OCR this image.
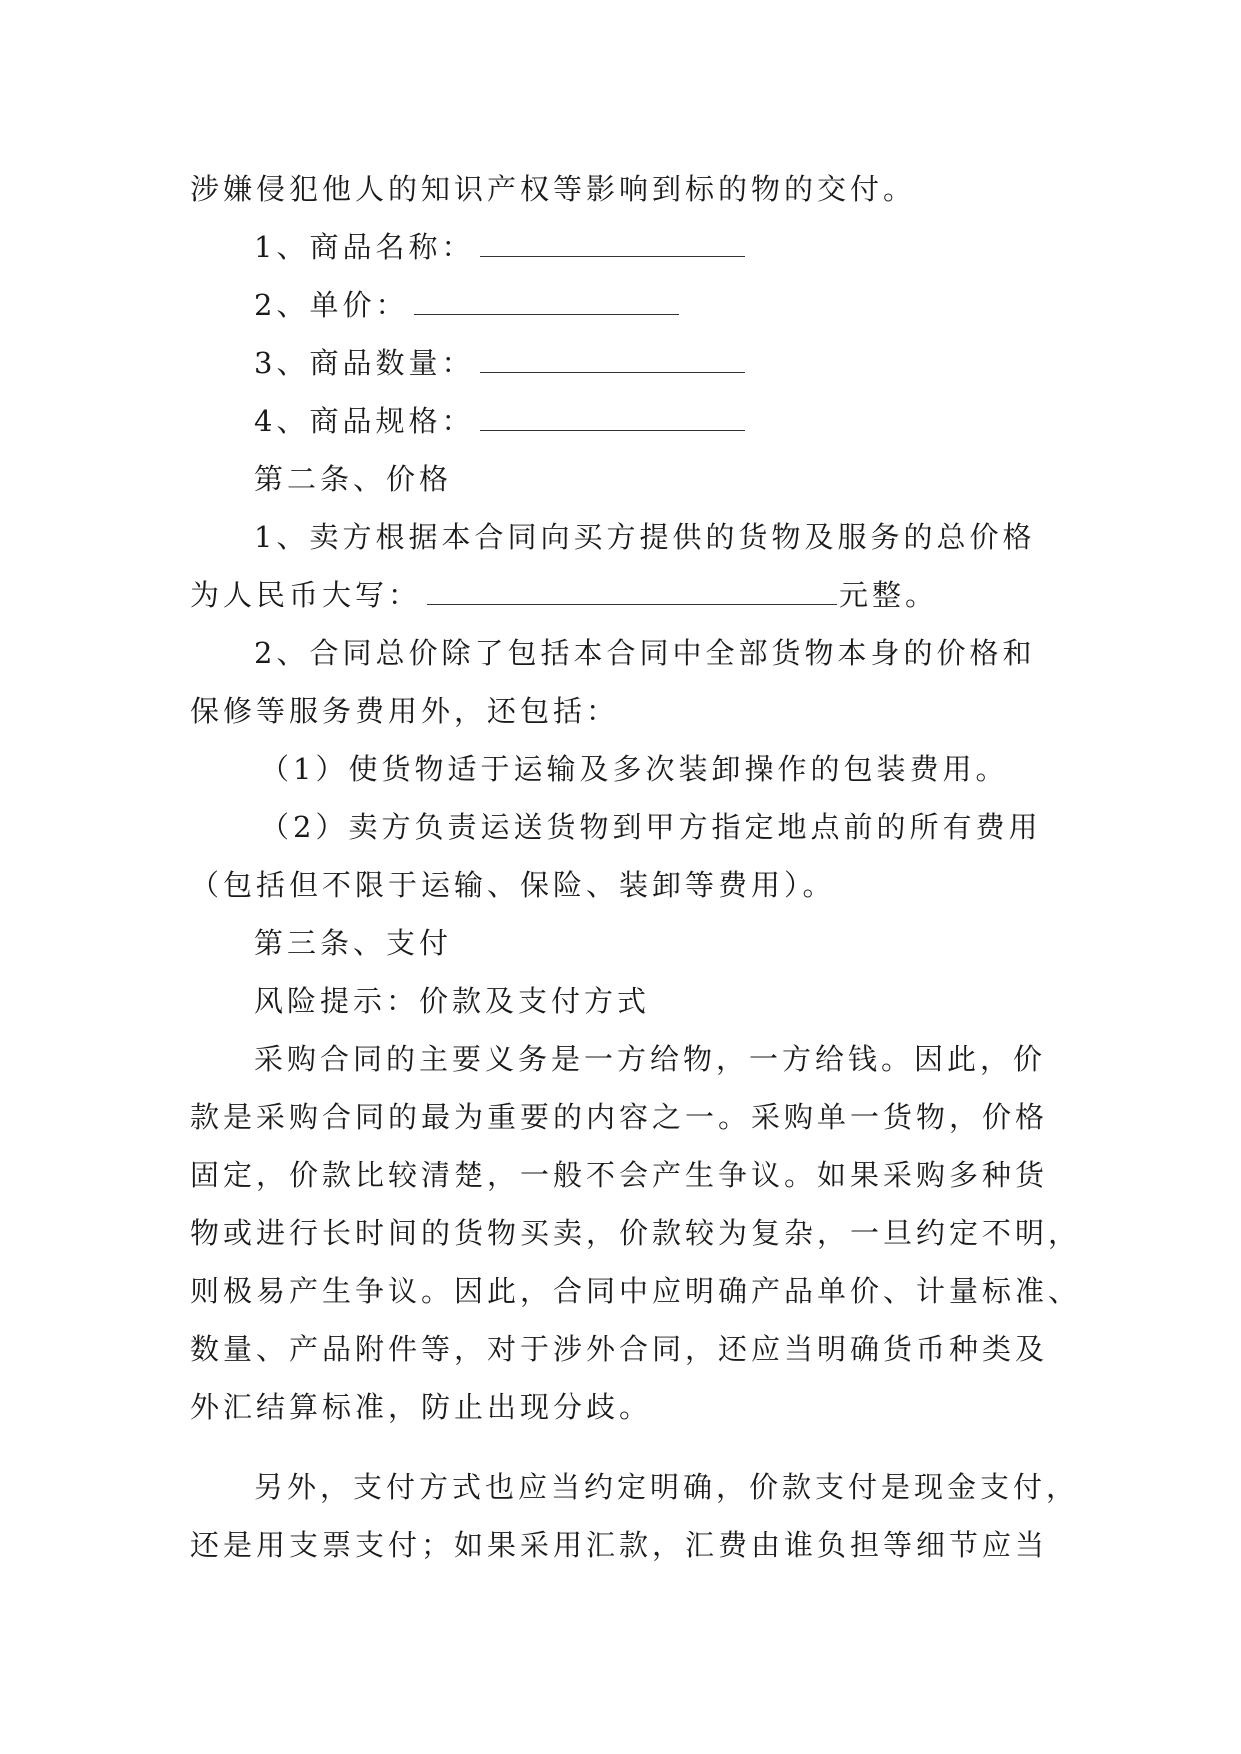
涉嫌侵犯他人的知识产权等影响到标的物的交付。
1、商品名称：
2、单价：
3、商品数量：
4、商品规格：
第二条、价格
1、卖方根据本合同向买方提供的货物及服务的总价格
为人民币大写：	元整。
2、合同总价除了包括本合同中全部货物本身的价格和
保修等服务费用外，还包括：
（1）使货物适于运输及多次装卸操作的包装费用。
（2）卖方负责运送货物到甲方指定地点前的所有费用
（包括但不限于运输、保险、装卸等费用）。
第三条、支付
风险提示：价款及支付方式
采购合同的主要义务是一方给物，一方给钱。因此，价
款是采购合同的最为重要的内容之一。采购单一货物，价格
固定，价款比较清楚，一般不会产生争议。如果采购多种货
物或进行长时间的货物买卖，价款较为复杂，一旦约定不明，
则极易产生争议。因此，合同中应明确产品单价、计量标准、
数量、产品附件等，对于涉外合同，还应当明确货币种类及
外汇结算标准，防止出现分歧。
另外，支付方式也应当约定明确，价款支付是现金支付，
还是用支票支付；如果采用汇款，汇费由谁负担等细节应当
